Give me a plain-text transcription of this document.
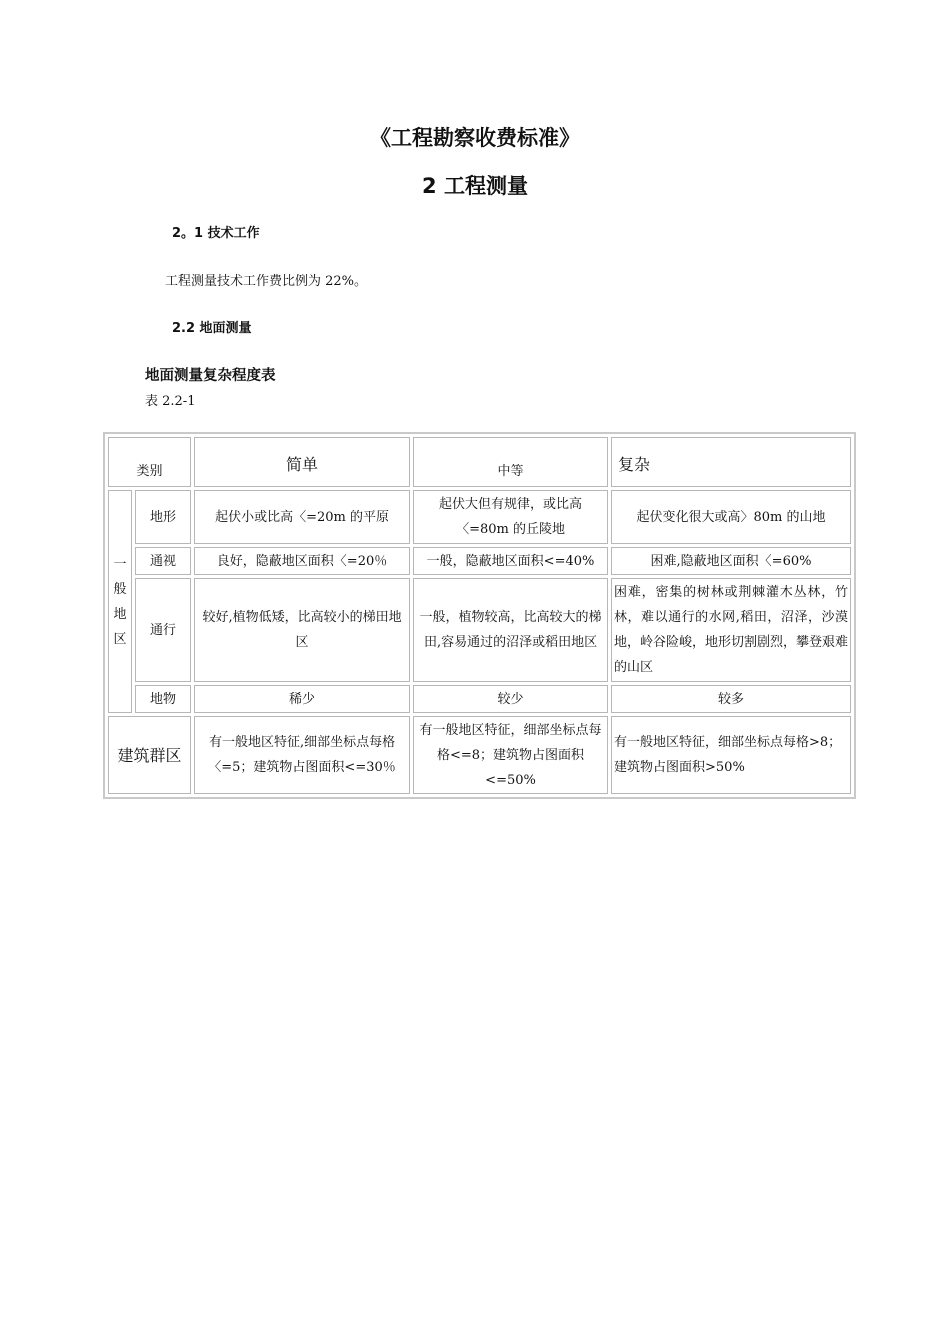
《工程勘察收费标准》
2 工程测量

2。1 技术工作

工程测量技术工作费比例为 22%。

2.2 地面测量

地面测量复杂程度表

表 2.2-1

类别		简单	中等	复杂

一般地区	地形	起伏小或比高〈=20m 的平原	起伏大但有规律，或比高〈=80m 的丘陵地	起伏变化很大或高〉80m 的山地
	通视	良好，隐蔽地区面积〈=20％	一般，隐蔽地区面积<=40%	困难,隐蔽地区面积〈=60%
	通行	较好,植物低矮，比高较小的梯田地区	一般，植物较高，比高较大的梯田,容易通过的沼泽或稻田地区	困难，密集的树林或荆棘灌木丛林，竹林，难以通行的水网,稻田，沼泽，沙漠地，岭谷险峻，地形切割剧烈，攀登艰难的山区
	地物	稀少	较少	较多
建筑群区		有一般地区特征,细部坐标点每格〈=5；建筑物占图面积<=30％	有一般地区特征，细部坐标点每格<=8；建筑物占图面积<=50%	有一般地区特征，细部坐标点每格>8；建筑物占图面积>50%
